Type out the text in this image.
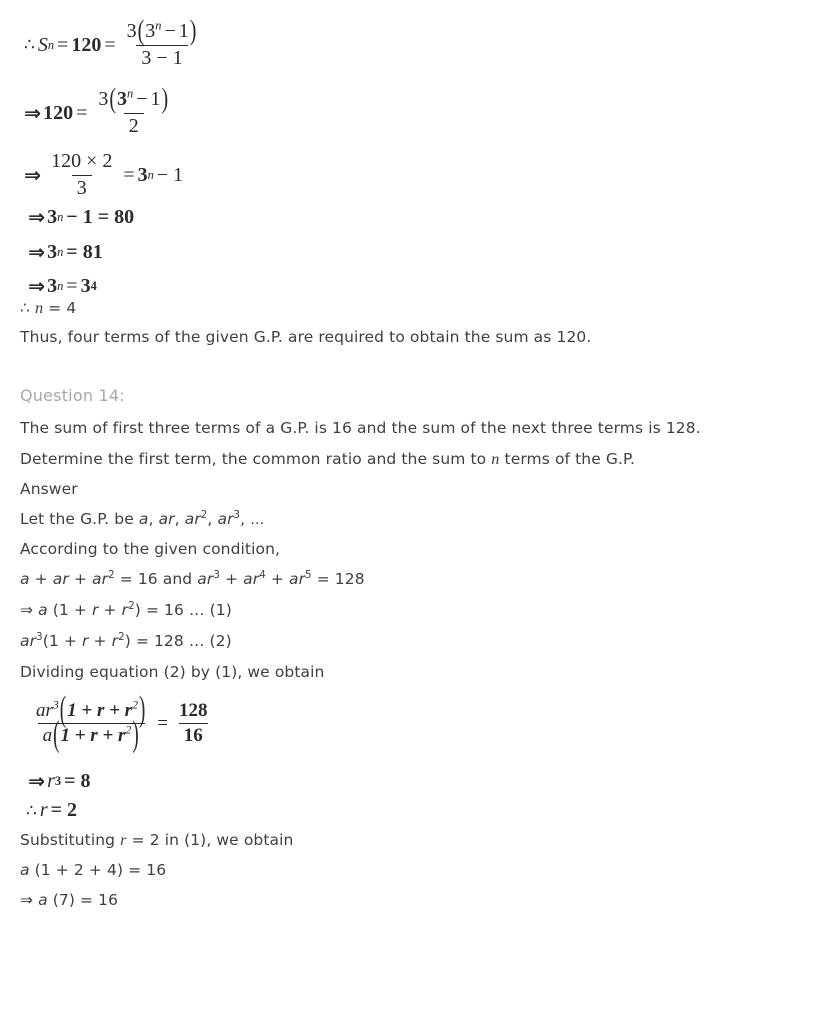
∴ S $n = 120 = \frac{3(3^n - 1)}{3 - 1}$
⇒ $120 = \frac{3(3^n - 1)}{2}$
⇒ $\frac{120 \times 2}{3} = 3$ n − 1
⇒ 3 n − 1 = 80
⇒ 3 n = 81
⇒ 3 n = 3 4
∴ n = 4
Thus, four terms of the given G.P. are required to obtain the sum as 120.
Question 14:
The sum of first three terms of a G.P. is 16 and the sum of the next three terms is 128.
Determine the first term, the common ratio and the sum to n terms of the G.P.
Answer
Let the G.P. be a, ar, $ar^2$, $ar^3$, …
According to the given condition,
a + ar + $ar^2 = 16$ and $ar^3 + ar^4 + ar^5 = 128$
⇒ a $(1 + r + r^2) = 16$ … (1)
$ar^3(1 + r + r^2) = 128$ … (2)
Dividing equation (2) by (1), we obtain
$\frac{ar^3(1 + r + r^2)}{a(1 + r + r^2)} = \frac{128}{16}$
⇒ r 3 = 8
∴ r = 2
Substituting r = 2 in (1), we obtain
a (1 + 2 + 4) = 16
⇒ a (7) = 16
